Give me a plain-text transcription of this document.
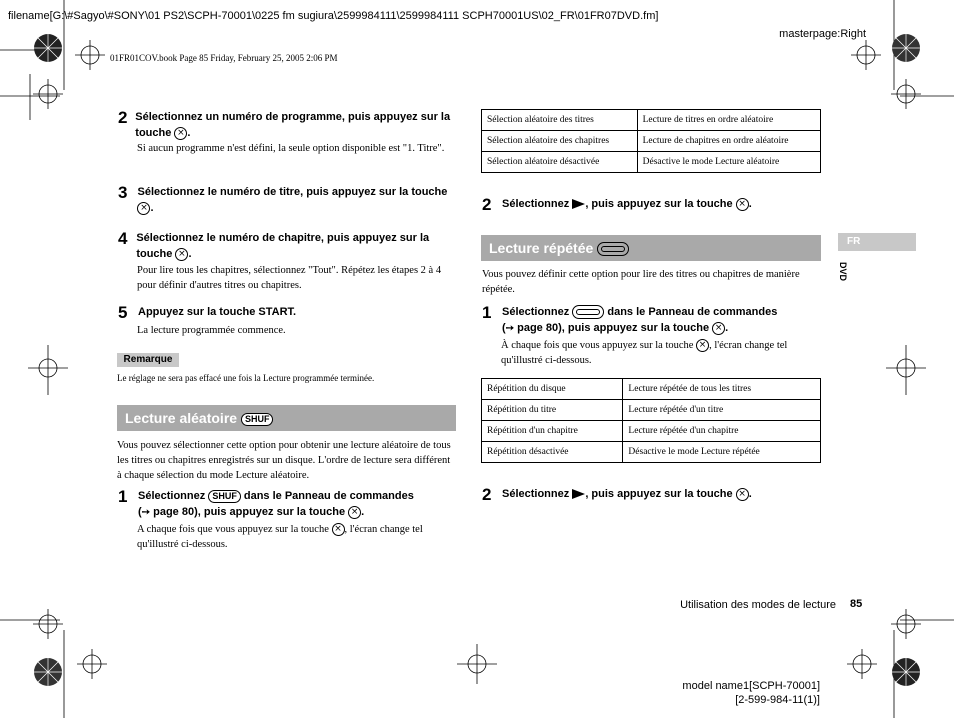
filename[G:\#Sagyo\#SONY\01 PS2\SCPH-70001\0225 fm sugiura\2599984111\2599984111 SCPH70001US\02_FR\01FR07DVD.fm]
masterpage:Right
01FR01COV.book Page 85 Friday, February 25, 2005 2:06 PM
2 Sélectionnez un numéro de programme, puis appuyez sur la touche × .
Si aucun programme n'est défini, la seule option disponible est "1. Titre".
3 Sélectionnez le numéro de titre, puis appuyez sur la touche × .
4 Sélectionnez le numéro de chapitre, puis appuyez sur la touche × .
Pour lire tous les chapitres, sélectionnez "Tout". Répétez les étapes 2 à 4 pour définir d'autres titres ou chapitres.
5 Appuyez sur la touche START.
La lecture programmée commence.
Remarque
Le réglage ne sera pas effacé une fois la Lecture programmée terminée.
Lecture aléatoire SHUF
Vous pouvez sélectionner cette option pour obtenir une lecture aléatoire de tous les titres ou chapitres enregistrés sur un disque. L'ordre de lecture sera différent à chaque sélection du mode Lecture aléatoire.
1 Sélectionnez SHUF dans le Panneau de commandes
(➙ page 80), puis appuyez sur la touche × .
A chaque fois que vous appuyez sur la touche × , l'écran change tel qu'illustré ci-dessous.
Sélection aléatoire des titres	Lecture de titres en ordre aléatoire
Sélection aléatoire des chapitres	Lecture de chapitres en ordre aléatoire
Sélection aléatoire désactivée	Désactive le mode Lecture aléatoire
2 Sélectionnez , puis appuyez sur la touche × .
Lecture répétée
Vous pouvez définir cette option pour lire des titres ou chapitres de manière répétée.
1 Sélectionnez	dans le Panneau de commandes
(➙ page 80), puis appuyez sur la touche × .
À chaque fois que vous appuyez sur la touche × , l'écran change tel qu'illustré ci-dessous.
Répétition du disque	Lecture répétée de tous les titres
Répétition du titre	Lecture répétée d'un titre
Répétition d'un chapitre	Lecture répétée d'un chapitre
Répétition désactivée	Désactive le mode Lecture répétée
2 Sélectionnez , puis appuyez sur la touche × .
FR
DVD
Utilisation des modes de lecture 85
model name1[SCPH-70001]
[2-599-984-11(1)]
